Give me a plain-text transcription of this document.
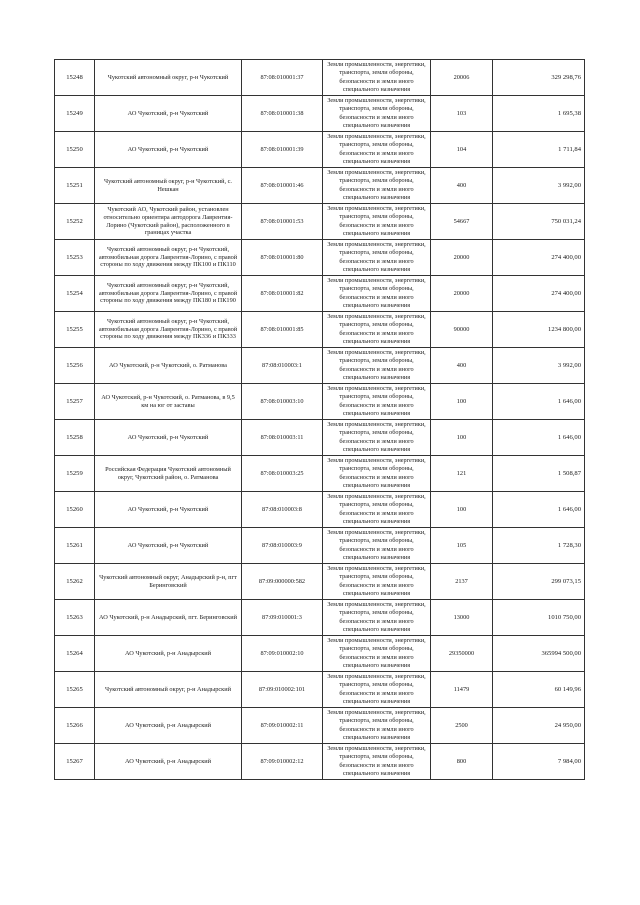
15248	Чукотский автономный округ, р-н Чукотский	87:08:010001:37	Земли промышленности, энергетики, транспорта, земли обороны, безопасности и земли иного специального назначения	20006	329 298,76
15249	АО Чукотский, р-н Чукотский	87:08:010001:38	Земли промышленности, энергетики, транспорта, земли обороны, безопасности и земли иного специального назначения	103	1 695,38
15250	АО Чукотский, р-н Чукотский	87:08:010001:39	Земли промышленности, энергетики, транспорта, земли обороны, безопасности и земли иного специального назначения	104	1 711,84
15251	Чукотский автономный округ, р-н Чукотский, с. Нешкан	87:08:010001:46	Земли промышленности, энергетики, транспорта, земли обороны, безопасности и земли иного специального назначения	400	3 992,00
15252	Чукотский АО, Чукотский район, установлен относительно ориентира автодорога Лаврентия-Лорино (Чукотский район), расположенного в границах участка	87:08:010001:53	Земли промышленности, энергетики, транспорта, земли обороны, безопасности и земли иного специального назначения	54667	750 031,24
15253	Чукотский автономный округ, р-н Чукотский, автомобильная дорога Лаврентия-Лорино, с правой стороны по ходу движения между ПК100 и ПК110	87:08:010001:80	Земли промышленности, энергетики, транспорта, земли обороны, безопасности и земли иного специального назначения	20000	274 400,00
15254	Чукотский автономный округ, р-н Чукотский, автомобильная дорога Лаврентия-Лорино, с правой стороны по ходу движения между ПК180 и ПК190	87:08:010001:82	Земли промышленности, энергетики, транспорта, земли обороны, безопасности и земли иного специального назначения	20000	274 400,00
15255	Чукотский автономный округ, р-н Чукотский, автомобильная дорога Лаврентия-Лорино, с правой стороны по ходу движения между ПК336 и ПК333	87:08:010001:85	Земли промышленности, энергетики, транспорта, земли обороны, безопасности и земли иного специального назначения	90000	1234 800,00
15256	АО Чукотский, р-н Чукотский, о. Ратманова	87:08:010003:1	Земли промышленности, энергетики, транспорта, земли обороны, безопасности и земли иного специального назначения	400	3 992,00
15257	АО Чукотский, р-н Чукотский, о. Ратманова, в 9,5 км на юг от заставы	87:08:010003:10	Земли промышленности, энергетики, транспорта, земли обороны, безопасности и земли иного специального назначения	100	1 646,00
15258	АО Чукотский, р-н Чукотский	87:08:010003:11	Земли промышленности, энергетики, транспорта, земли обороны, безопасности и земли иного специального назначения	100	1 646,00
15259	Российская Федерация Чукотский автономный округ, Чукотский район, о. Ратманова	87:08:010003:25	Земли промышленности, энергетики, транспорта, земли обороны, безопасности и земли иного специального назначения	121	1 508,87
15260	АО Чукотский, р-н Чукотский	87:08:010003:8	Земли промышленности, энергетики, транспорта, земли обороны, безопасности и земли иного специального назначения	100	1 646,00
15261	АО Чукотский, р-н Чукотский	87:08:010003:9	Земли промышленности, энергетики, транспорта, земли обороны, безопасности и земли иного специального назначения	105	1 728,30
15262	Чукотский автономный округ, Анадырский р-н, пгт Беринговский	87:09:000000:582	Земли промышленности, энергетики, транспорта, земли обороны, безопасности и земли иного специального назначения	2137	299 073,15
15263	АО Чукотский, р-н Анадырский, пгт. Беринговский	87:09:010001:3	Земли промышленности, энергетики, транспорта, земли обороны, безопасности и земли иного специального назначения	13000	1010 750,00
15264	АО Чукотский, р-н Анадырский	87:09:010002:10	Земли промышленности, энергетики, транспорта, земли обороны, безопасности и земли иного специального назначения	29350000	365994 500,00
15265	Чукотский автономный округ, р-н Анадырский	87:09:010002:101	Земли промышленности, энергетики, транспорта, земли обороны, безопасности и земли иного специального назначения	11479	60 149,96
15266	АО Чукотский, р-н Анадырский	87:09:010002:11	Земли промышленности, энергетики, транспорта, земли обороны, безопасности и земли иного специального назначения	2500	24 950,00
15267	АО Чукотский, р-н Анадырский	87:09:010002:12	Земли промышленности, энергетики, транспорта, земли обороны, безопасности и земли иного специального назначения	800	7 984,00
